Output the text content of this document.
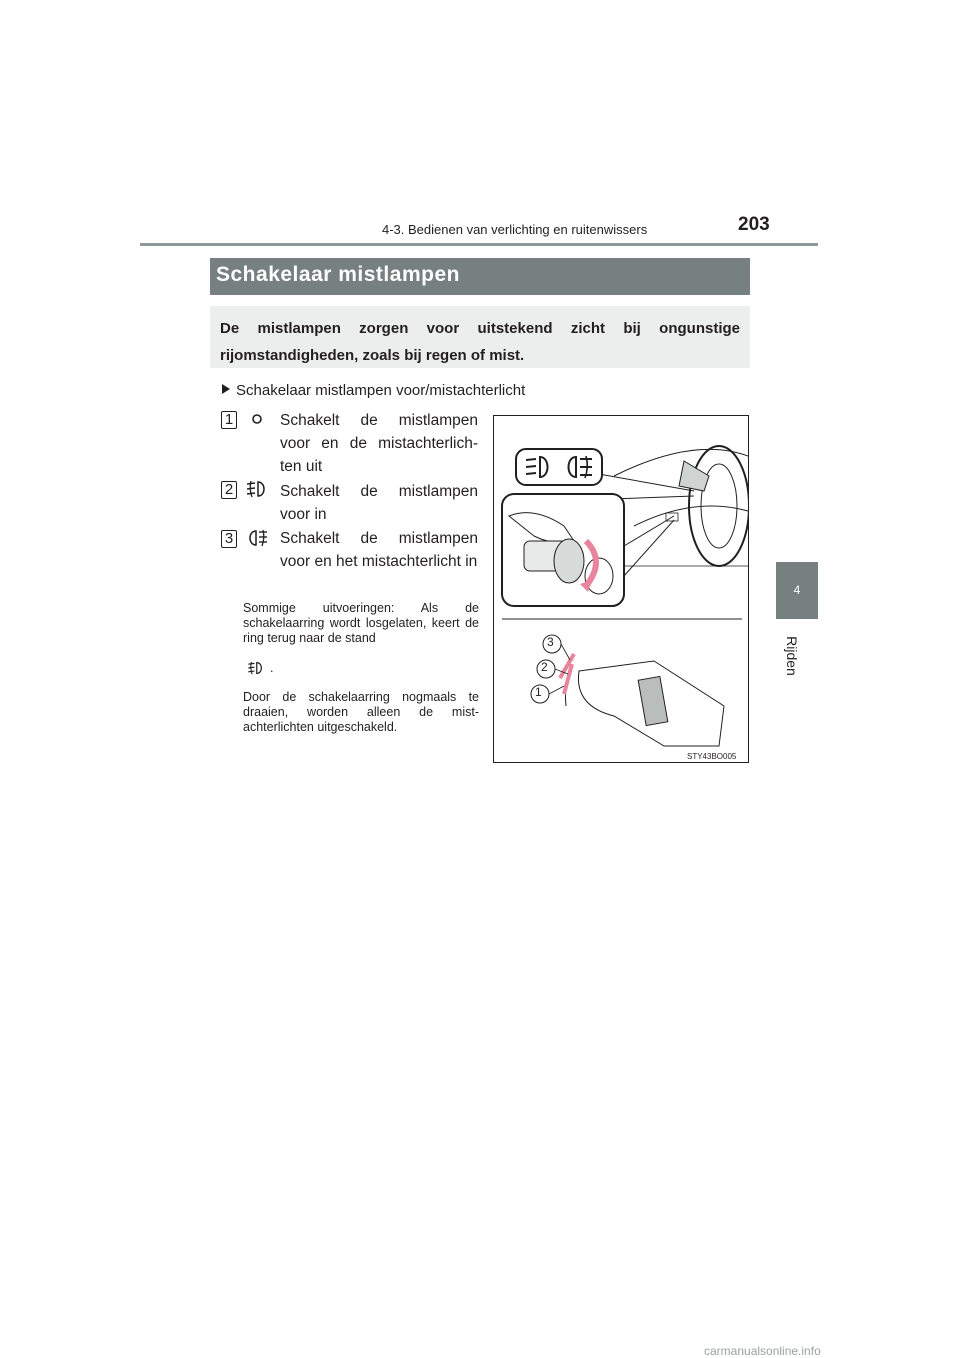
4-3. Bedienen van verlichting en ruitenwissers	203
4
Rijden
Schakelaar mistlampen

De mistlampen zorgen voor uitstekend zicht bij ongunstige rijomstandigheden, zoals bij regen of mist.

Schakelaar mistlampen voor/mistachterlicht
1	Schakelt de mistlampen voor en de mistachterlich-ten uit
2	Schakelt de mistlampen voor in
3	Schakelt de mistlampen voor en het mistachterlicht in
Sommige uitvoeringen: Als de schakelaarring wordt losgelaten, keert de ring terug naar de stand
.
Door de schakelaarring nogmaals te draaien, worden alleen de mist-achterlichten uitgeschakeld.
3
2
1
STY43BO005
carmanualsonline.info
